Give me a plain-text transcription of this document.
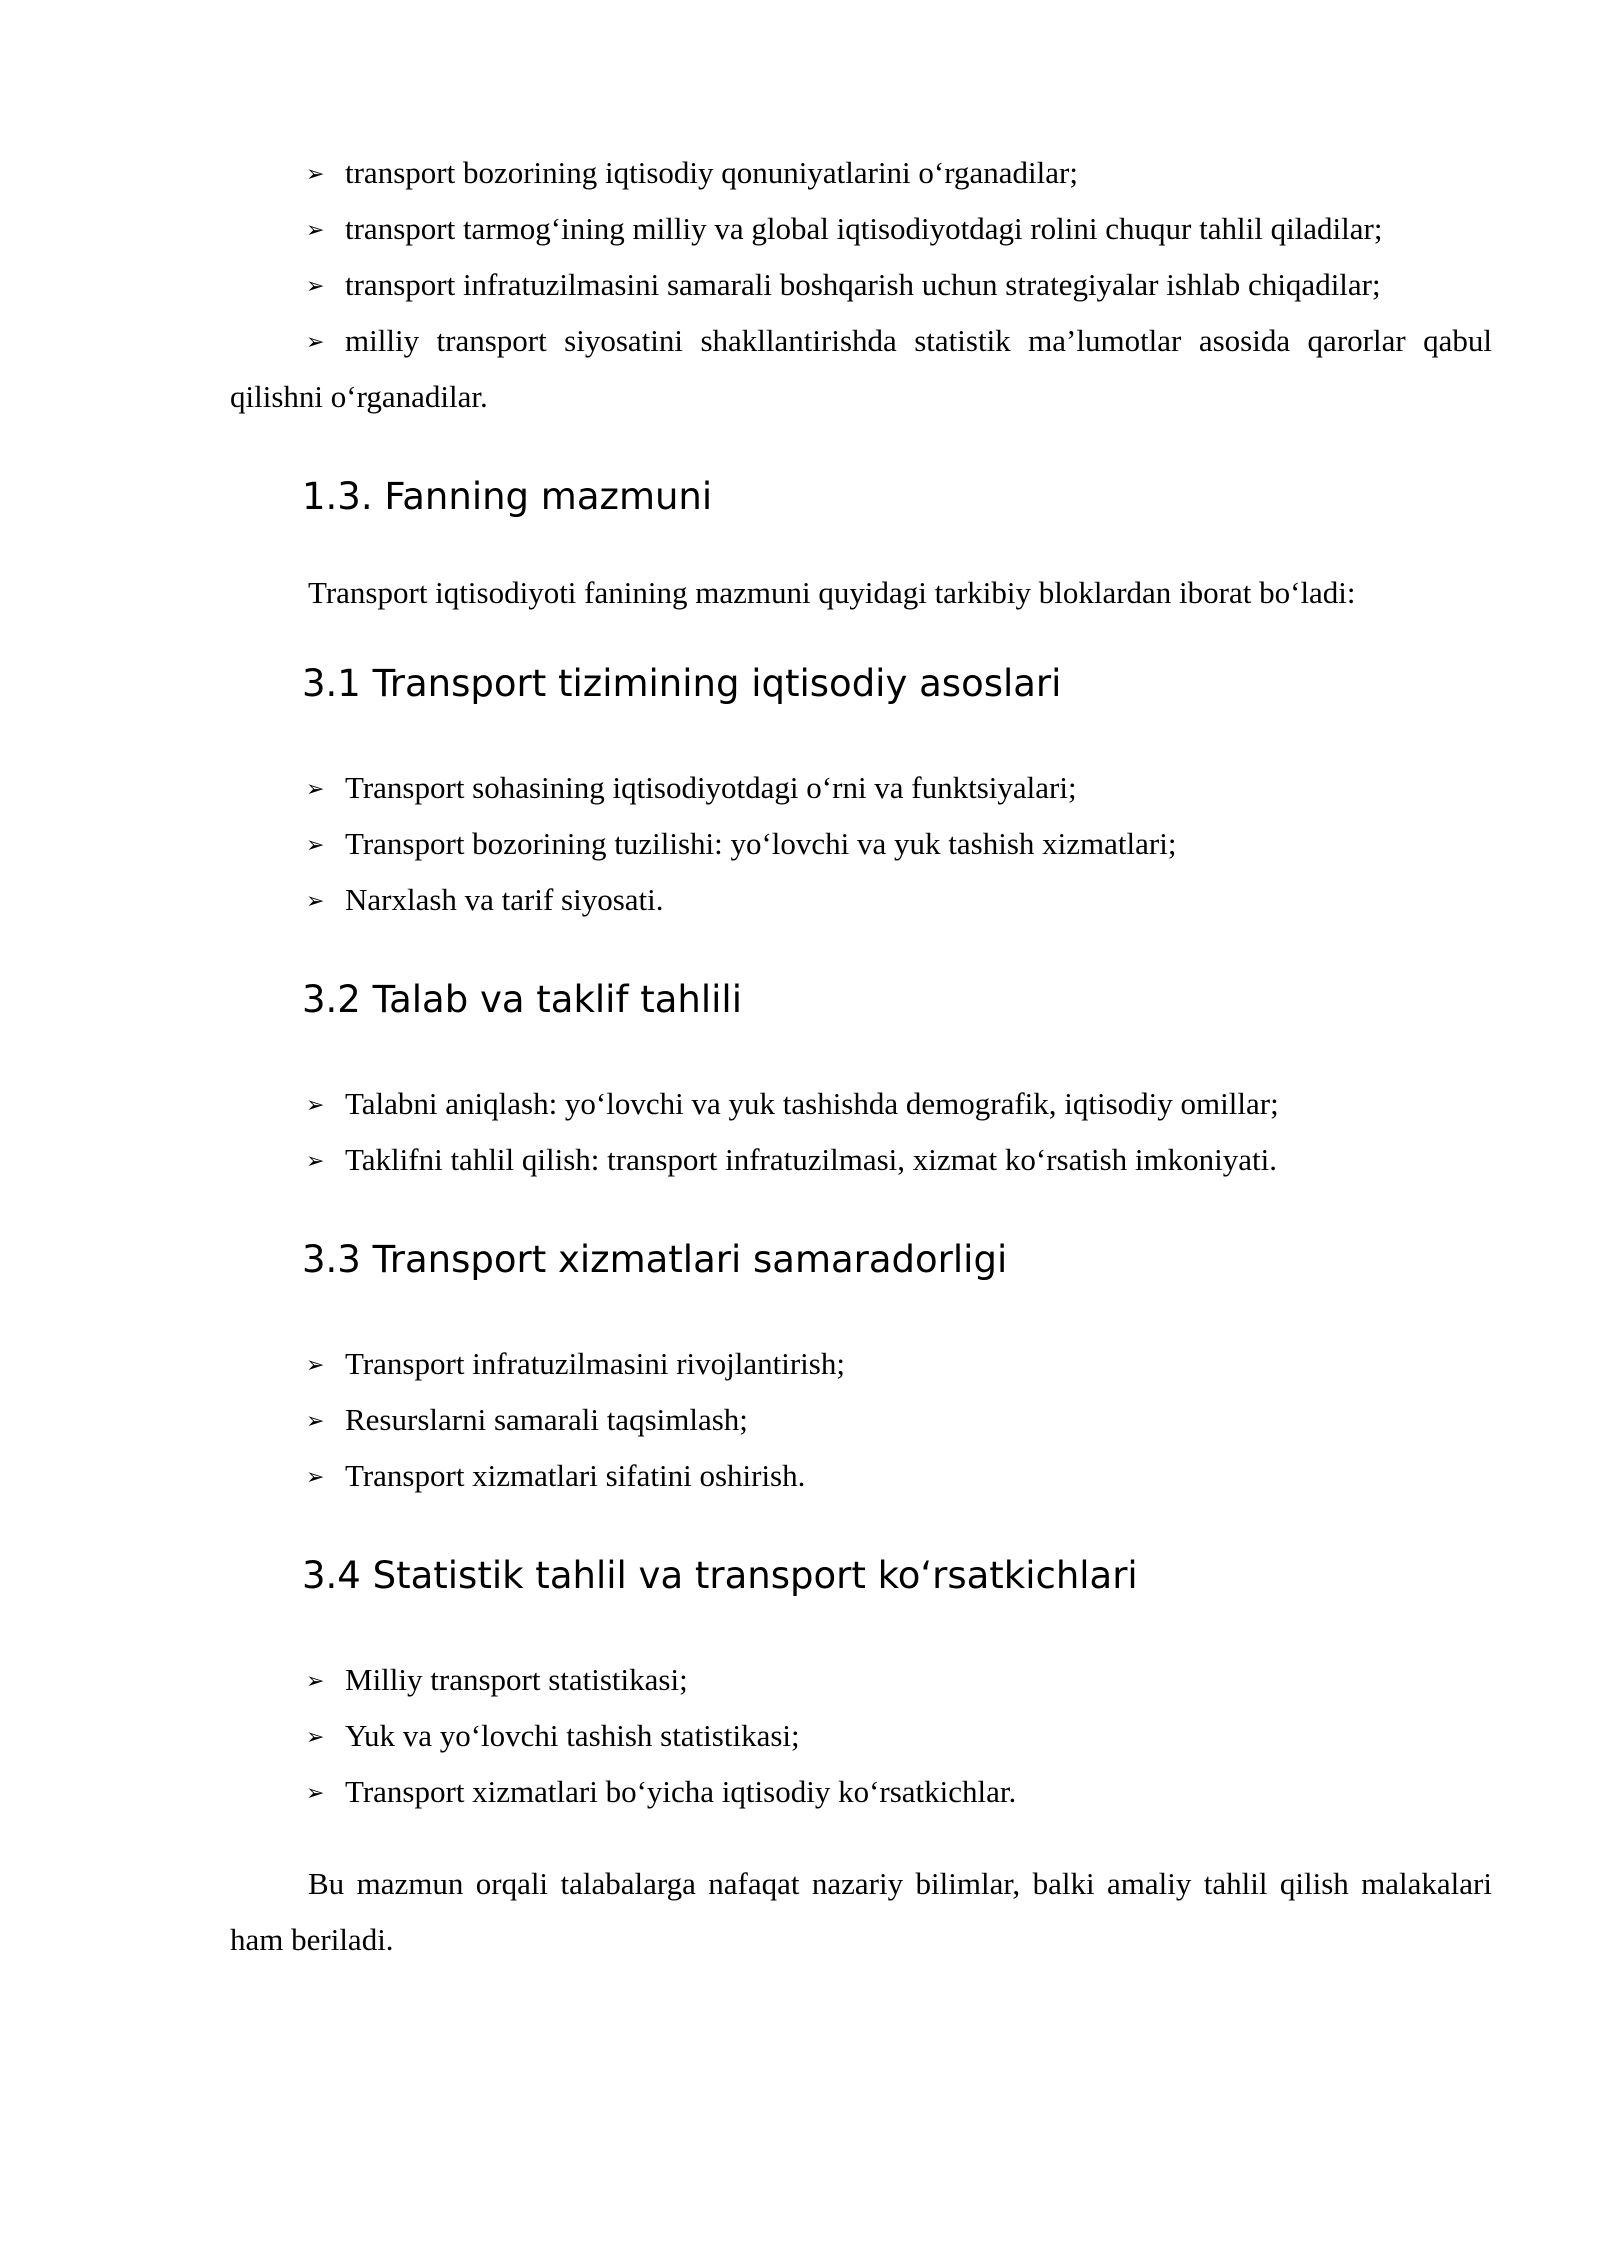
➢ transport bozorining iqtisodiy qonuniyatlarini o‘rganadilar;
➢ transport tarmog‘ining milliy va global iqtisodiyotdagi rolini chuqur tahlil qiladilar;
➢ transport infratuzilmasini samarali boshqarish uchun strategiyalar ishlab chiqadilar;
➢ milliy transport siyosatini shakllantirishda statistik ma’lumotlar asosida qarorlar qabul qilishni o‘rganadilar.
1.3. Fanning mazmuni

Transport iqtisodiyoti fanining mazmuni quyidagi tarkibiy bloklardan iborat bo‘ladi:

3.1 Transport tizimining iqtisodiy asoslari
➢ Transport sohasining iqtisodiyotdagi o‘rni va funktsiyalari;
➢ Transport bozorining tuzilishi: yo‘lovchi va yuk tashish xizmatlari;
➢ Narxlash va tarif siyosati.
3.2 Talab va taklif tahlili
➢ Talabni aniqlash: yo‘lovchi va yuk tashishda demografik, iqtisodiy omillar;
➢ Taklifni tahlil qilish: transport infratuzilmasi, xizmat ko‘rsatish imkoniyati.
3.3 Transport xizmatlari samaradorligi
➢ Transport infratuzilmasini rivojlantirish;
➢ Resurslarni samarali taqsimlash;
➢ Transport xizmatlari sifatini oshirish.
3.4 Statistik tahlil va transport ko‘rsatkichlari
➢ Milliy transport statistikasi;
➢ Yuk va yo‘lovchi tashish statistikasi;
➢ Transport xizmatlari bo‘yicha iqtisodiy ko‘rsatkichlar.

Bu mazmun orqali talabalarga nafaqat nazariy bilimlar, balki amaliy tahlil qilish malakalari ham beriladi.
